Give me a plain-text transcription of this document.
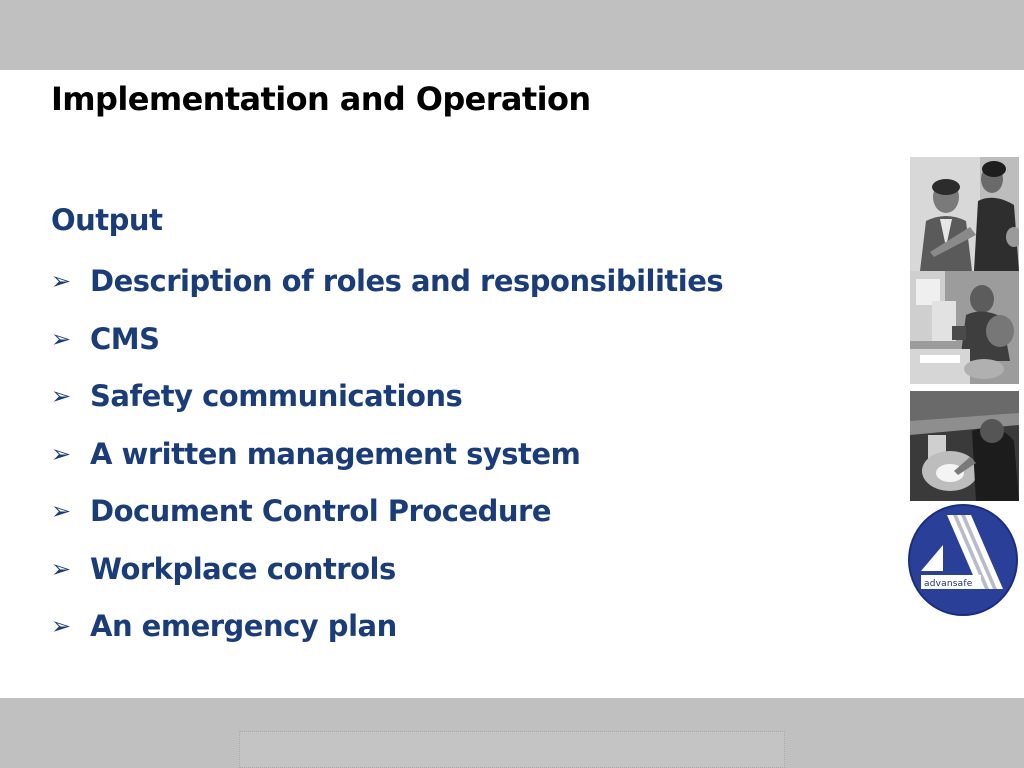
Implementation and Operation
Output
➢ Description of roles and responsibilities
➢ CMS
➢ Safety communications
➢ A written management system
➢ Document Control Procedure
➢ Workplace controls
➢ An emergency plan
advansafe
